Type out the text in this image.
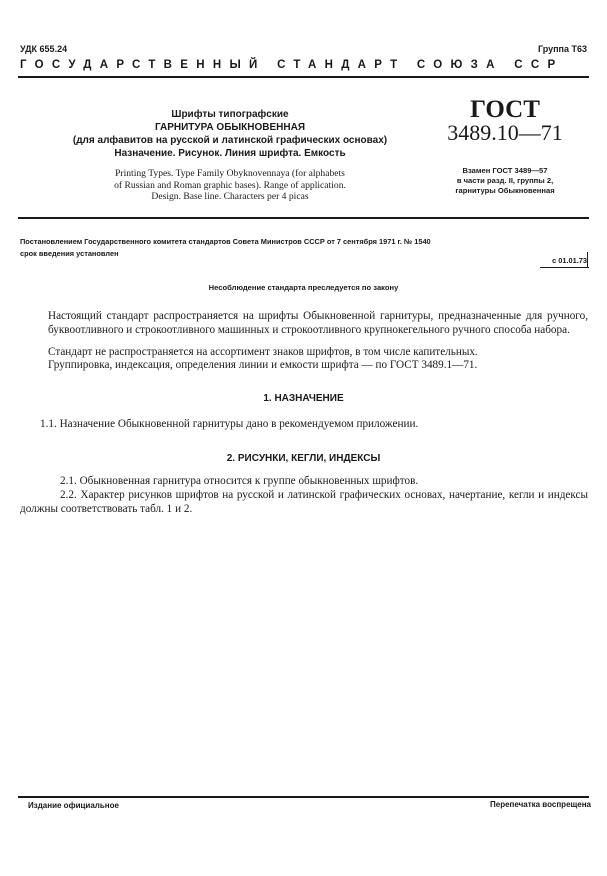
УДК 655.24	Группа Т63
ГОСУДАРСТВЕННЫЙ СТАНДАРТ СОЮЗА ССР
Шрифты типографские
ГАРНИТУРА ОБЫКНОВЕННАЯ
(для алфавитов на русской и латинской графических основах)
Назначение. Рисунок. Линия шрифта. Емкость
Printing Types. Type Family Obyknovennaya (for alphabets
of Russian and Roman graphic bases). Range of application.
Design. Base line. Characters per 4 picas
ГОСТ
3489.10—71
Взамен ГОСТ 3489—57
в части разд. II, группы 2,
гарнитуры Обыкновенная
Постановлением Государственного комитета стандартов Совета Министров СССР от 7 сентября 1971 г. № 1540
срок введения установлен
с 01.01.73
Несоблюдение стандарта преследуется по закону
Настоящий стандарт распространяется на шрифты Обыкновенной гарнитуры, предназначенные для ручного, буквоотливного и строкоотливного машинных и строкоотливного крупнокегельного ручного способа набора.
Стандарт не распространяется на ассортимент знаков шрифтов, в том числе капительных.
Группировка, индексация, определения линии и емкости шрифта — по ГОСТ 3489.1—71.
1. НАЗНАЧЕНИЕ
1.1. Назначение Обыкновенной гарнитуры дано в рекомендуемом приложении.
2. РИСУНКИ, КЕГЛИ, ИНДЕКСЫ
2.1. Обыкновенная гарнитура относится к группе обыкновенных шрифтов.
2.2. Характер рисунков шрифтов на русской и латинской графических основах, начертание, кегли и индексы должны соответствовать табл. 1 и 2.
Издание официальное	Перепечатка воспрещена
